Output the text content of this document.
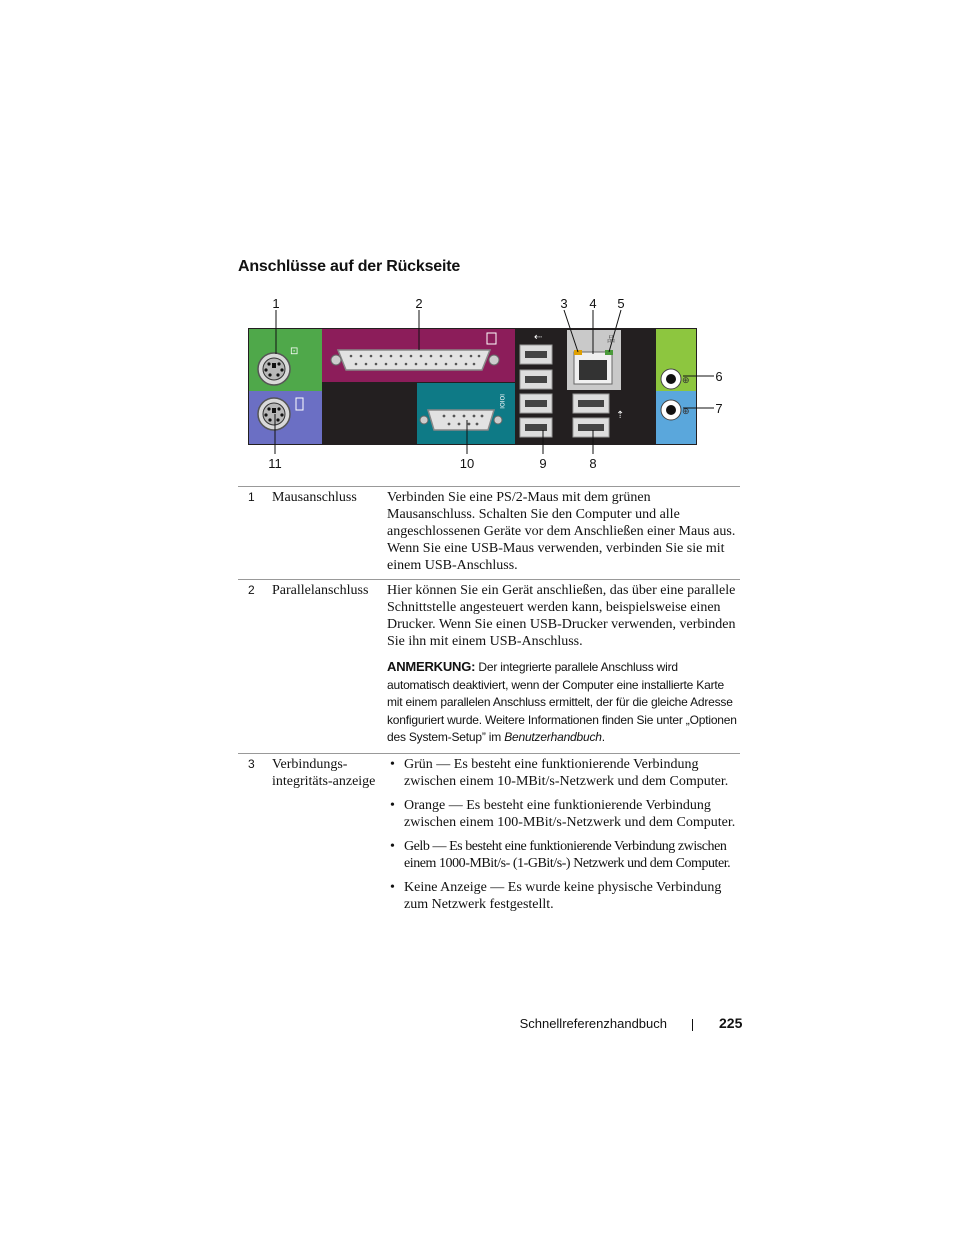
Anschlüsse auf der Rückseite
1	2	3 4 5
6
7
11	10	9	8
⊡
IOIOI
⇠	品
⇡
⊕
⊕
1 Mausanschluss	Verbinden Sie eine PS/2-Maus mit dem grünen Mausanschluss. Schalten Sie den Computer und alle angeschlossenen Geräte vor dem Anschließen einer Maus aus. Wenn Sie eine USB-Maus verwenden, verbinden Sie sie mit einem USB-Anschluss.
2 Parallelanschluss	Hier können Sie ein Gerät anschließen, das über eine parallele Schnittstelle angesteuert werden kann, beispielsweise einen Drucker. Wenn Sie einen USB-Drucker verwenden, verbinden Sie ihn mit einem USB-Anschluss.
ANMERKUNG: Der integrierte parallele Anschluss wird automatisch deaktiviert, wenn der Computer eine installierte Karte mit einem parallelen Anschluss ermittelt, der für die gleiche Adresse konfiguriert wurde. Weitere Informationen finden Sie unter „Optionen des System-Setup” im Benutzerhandbuch.
3 Verbindungs-integritäts-anzeige
• Grün — Es besteht eine funktionierende Verbindung zwischen einem 10-MBit/s-Netzwerk und dem Computer.
• Orange — Es besteht eine funktionierende Verbindung zwischen einem 100-MBit/s-Netzwerk und dem Computer.
• Gelb — Es besteht eine funktionierende Verbindung zwischen einem 1000-MBit/s- (1-GBit/s-) Netzwerk und dem Computer.
• Keine Anzeige — Es wurde keine physische Verbindung zum Netzwerk festgestellt.
Schnellreferenzhandbuch	225
